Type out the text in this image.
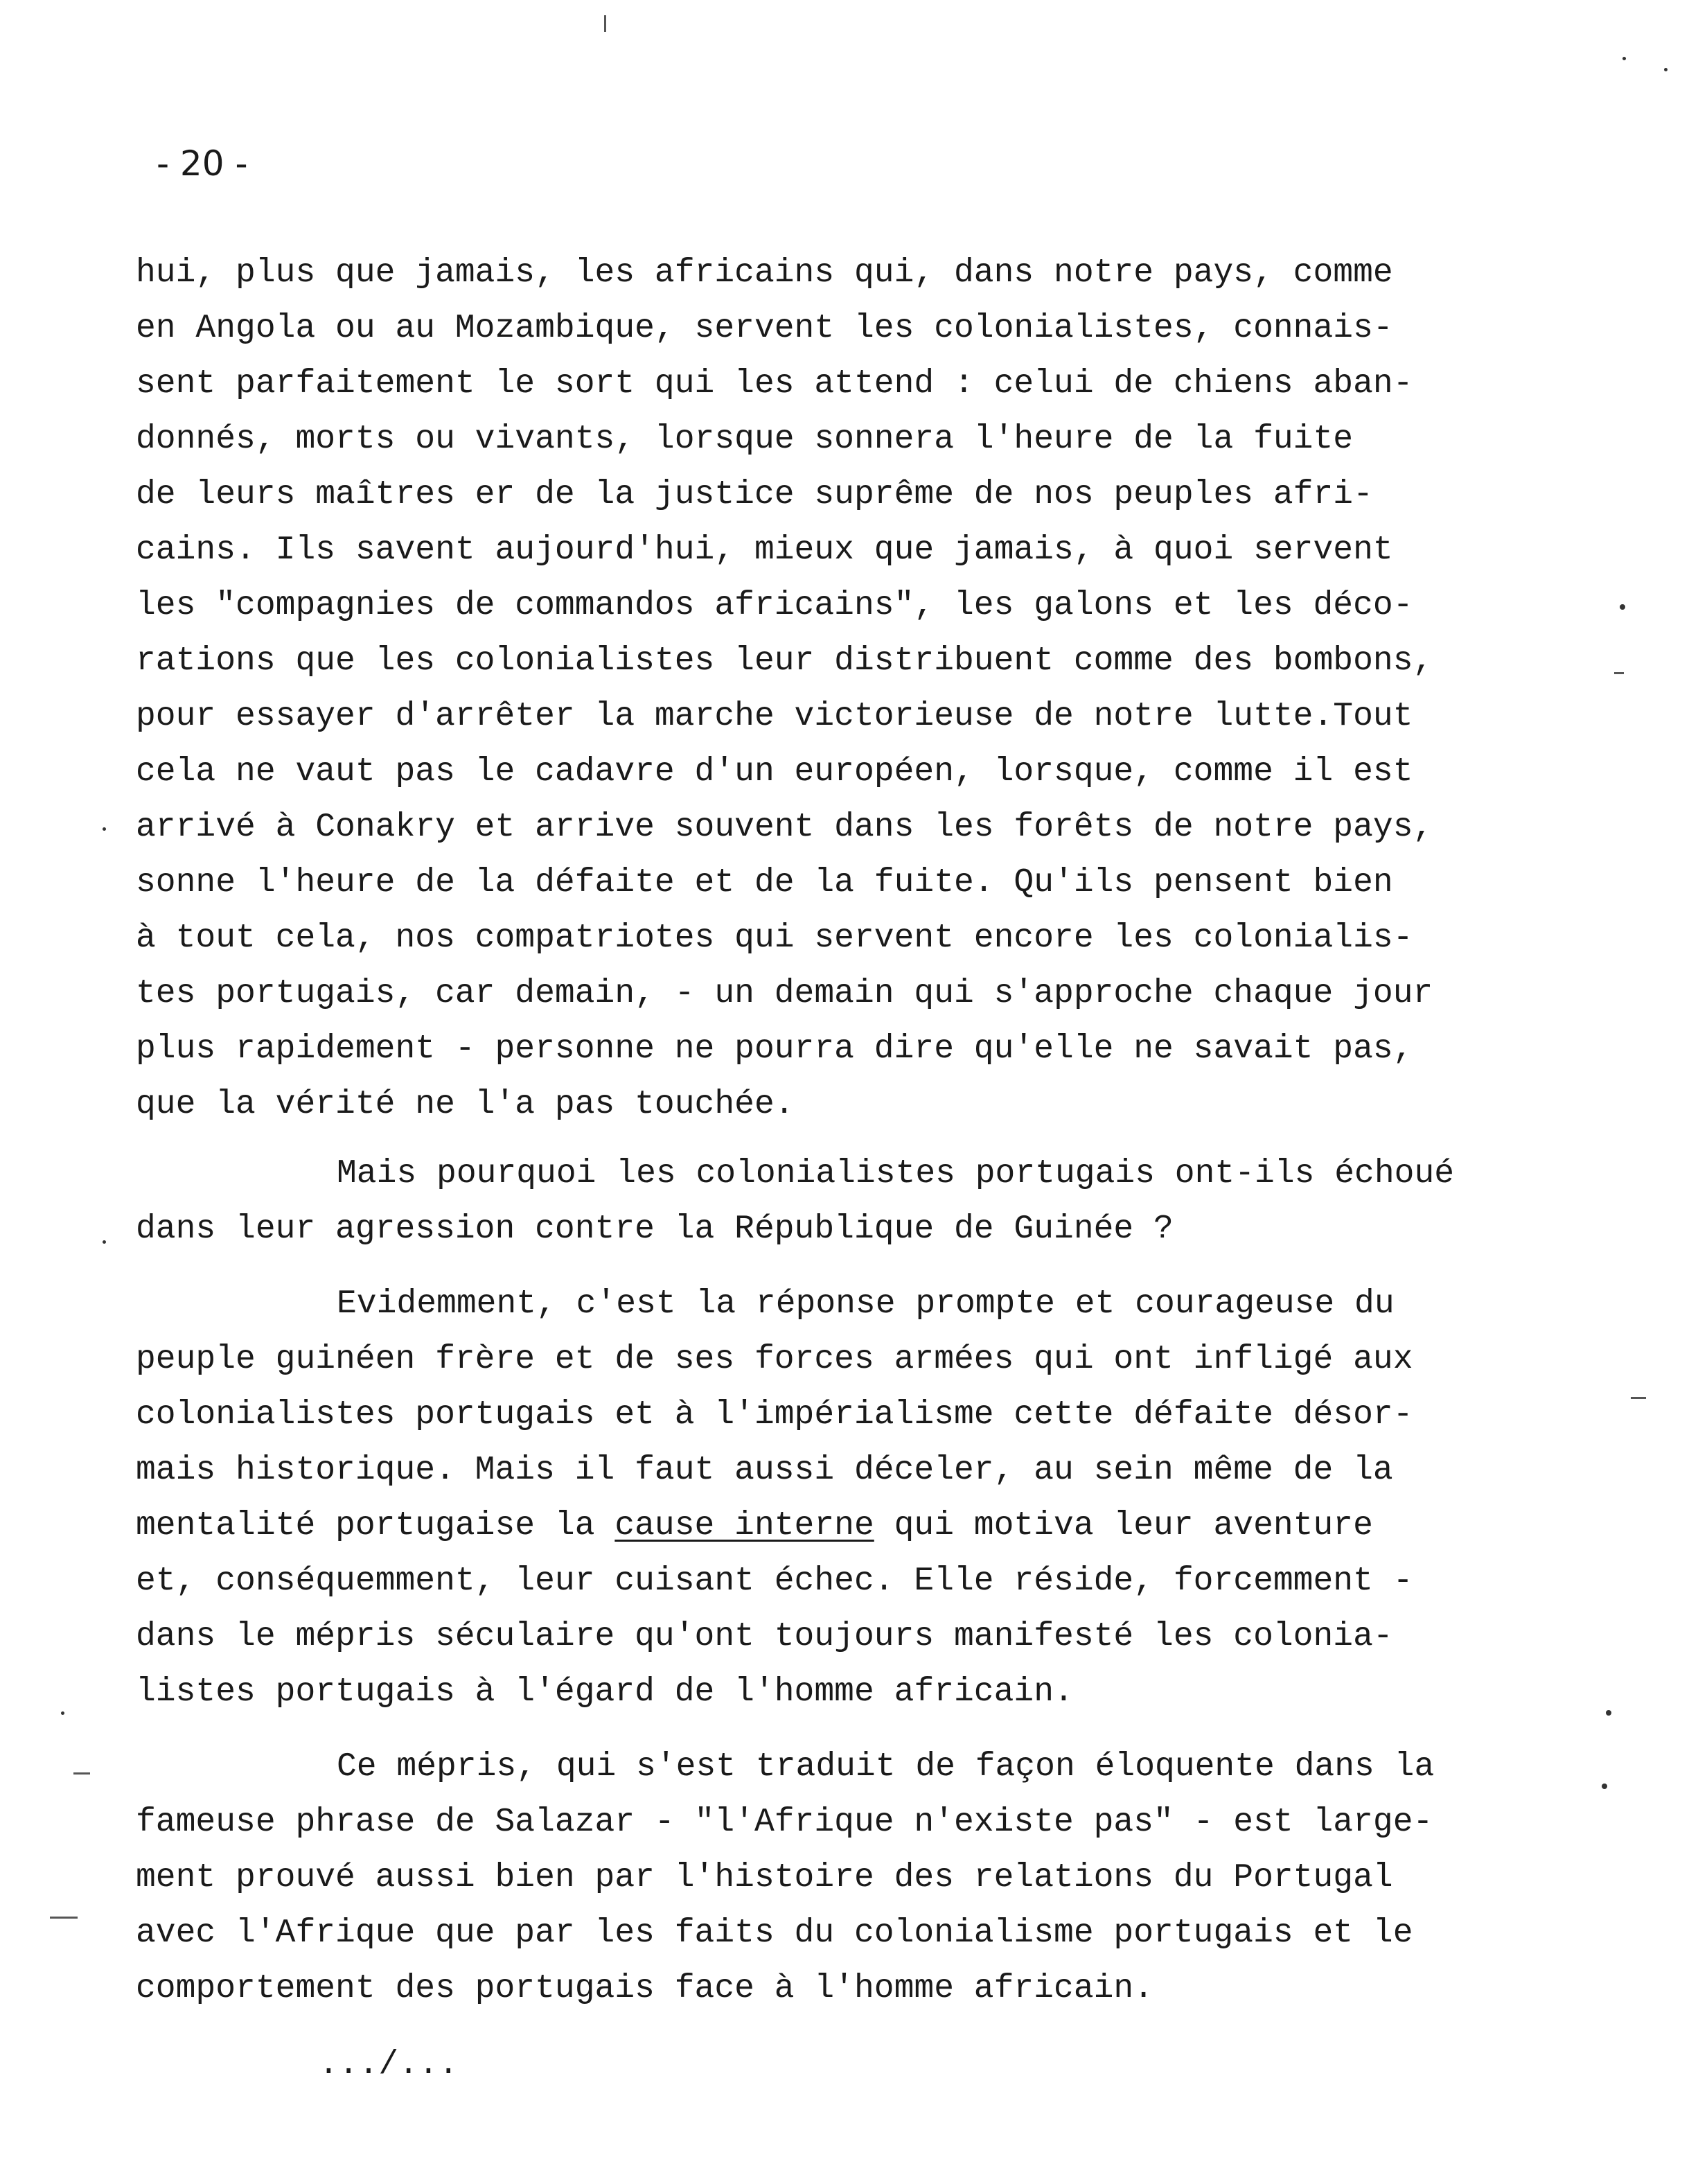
- 20 -
hui, plus que jamais, les africains qui, dans notre pays, comme
en Angola ou au Mozambique, servent les colonialistes, connais-
sent parfaitement le sort qui les attend : celui de chiens aban-
donnés, morts ou vivants, lorsque sonnera l'heure de la fuite
de leurs maîtres er de la justice suprême de nos peuples afri-
cains. Ils savent aujourd'hui, mieux que jamais, à quoi servent
les "compagnies de commandos africains", les galons et les déco-
rations que les colonialistes leur distribuent comme des bombons,
pour essayer d'arrêter la marche victorieuse de notre lutte.Tout
cela ne vaut pas le cadavre d'un européen, lorsque, comme il est
arrivé à Conakry et arrive souvent dans les forêts de notre pays,
sonne l'heure de la défaite et de la fuite. Qu'ils pensent bien
à tout cela, nos compatriotes qui servent encore les colonialis-
tes portugais, car demain, - un demain qui s'approche chaque jour
plus rapidement - personne ne pourra dire qu'elle ne savait pas,
que la vérité ne l'a pas touchée.
Mais pourquoi les colonialistes portugais ont-ils échoué
dans leur agression contre la République de Guinée ?
Evidemment, c'est la réponse prompte et courageuse du
peuple guinéen frère et de ses forces armées qui ont infligé aux
colonialistes portugais et à l'impérialisme cette défaite désor-
mais historique. Mais il faut aussi déceler, au sein même de la
mentalité portugaise la cause interne qui motiva leur aventure
et, conséquemment, leur cuisant échec. Elle réside, forcemment -
dans le mépris séculaire qu'ont toujours manifesté les colonia-
listes portugais à l'égard de l'homme africain.
Ce mépris, qui s'est traduit de façon éloquente dans la
fameuse phrase de Salazar - "l'Afrique n'existe pas" - est large-
ment prouvé aussi bien par l'histoire des relations du Portugal
avec l'Afrique que par les faits du colonialisme portugais et le
comportement des portugais face à l'homme africain.
.../...
